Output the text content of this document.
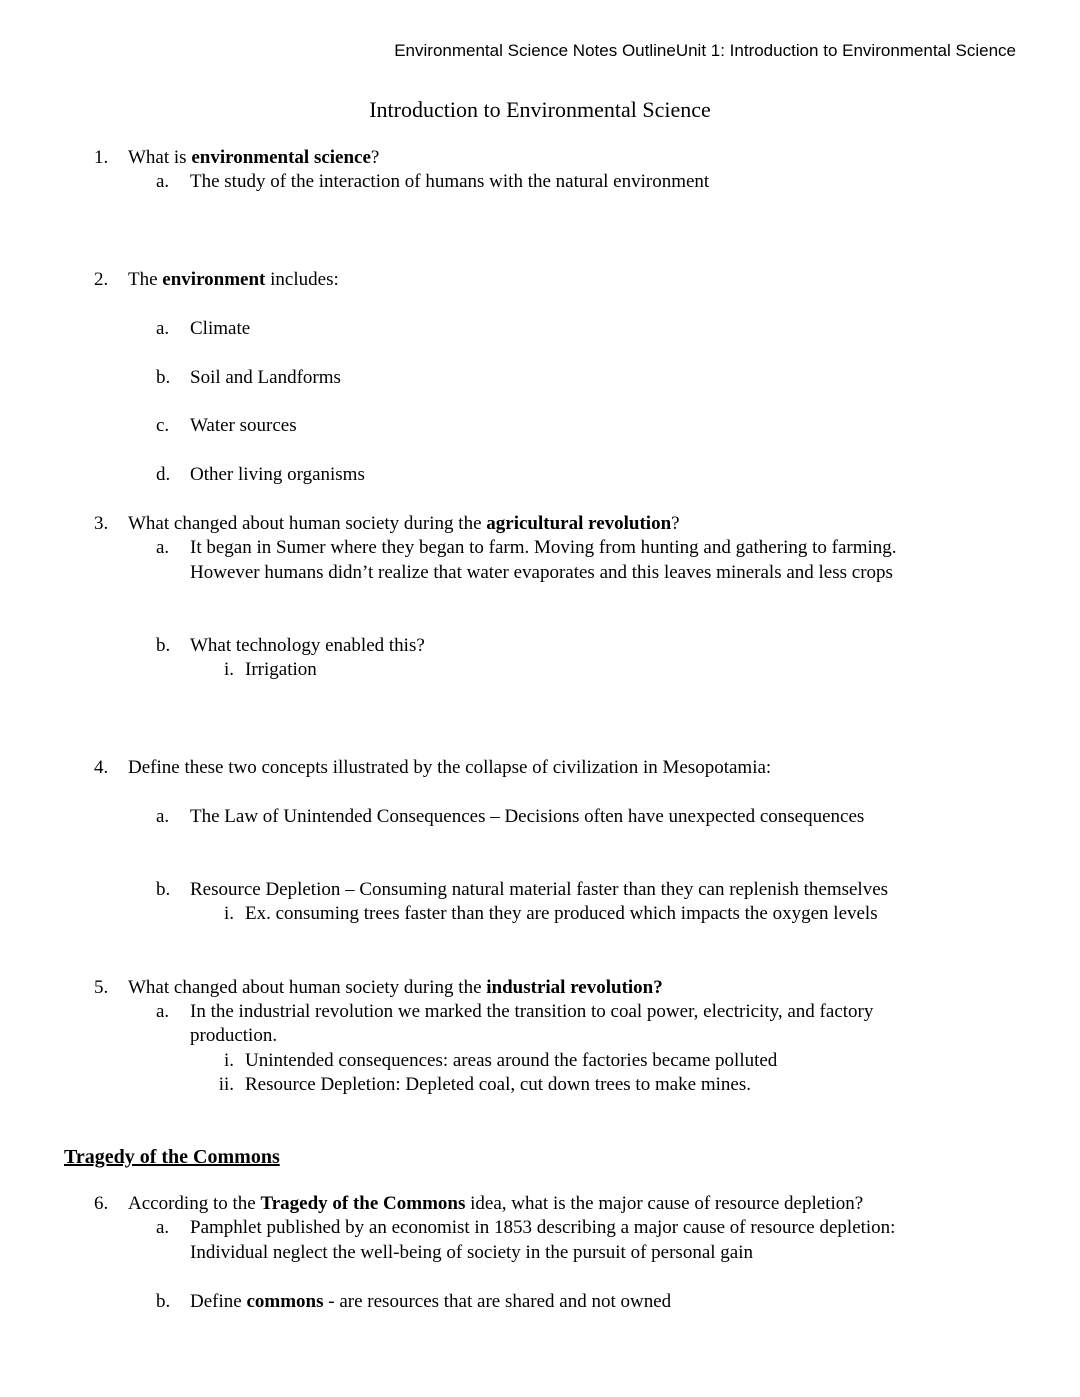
Environmental Science Notes OutlineUnit 1: Introduction to Environmental Science
Introduction to Environmental Science
1. What is environmental science?
a. The study of the interaction of humans with the natural environment
2. The environment includes:
a. Climate
b. Soil and Landforms
c. Water sources
d. Other living organisms
3. What changed about human society during the agricultural revolution?
a. It began in Sumer where they began to farm. Moving from hunting and gathering to farming.
However humans didn’t realize that water evaporates and this leaves minerals and less crops
b. What technology enabled this?
i. Irrigation
4. Define these two concepts illustrated by the collapse of civilization in Mesopotamia:
a. The Law of Unintended Consequences – Decisions often have unexpected consequences
b. Resource Depletion – Consuming natural material faster than they can replenish themselves
i. Ex. consuming trees faster than they are produced which impacts the oxygen levels
5. What changed about human society during the industrial revolution?
a. In the industrial revolution we marked the transition to coal power, electricity, and factory
production.
i. Unintended consequences: areas around the factories became polluted
ii. Resource Depletion: Depleted coal, cut down trees to make mines.
Tragedy of the Commons
6. According to the Tragedy of the Commons idea, what is the major cause of resource depletion?
a. Pamphlet published by an economist in 1853 describing a major cause of resource depletion:
Individual neglect the well-being of society in the pursuit of personal gain
b. Define commons - are resources that are shared and not owned
